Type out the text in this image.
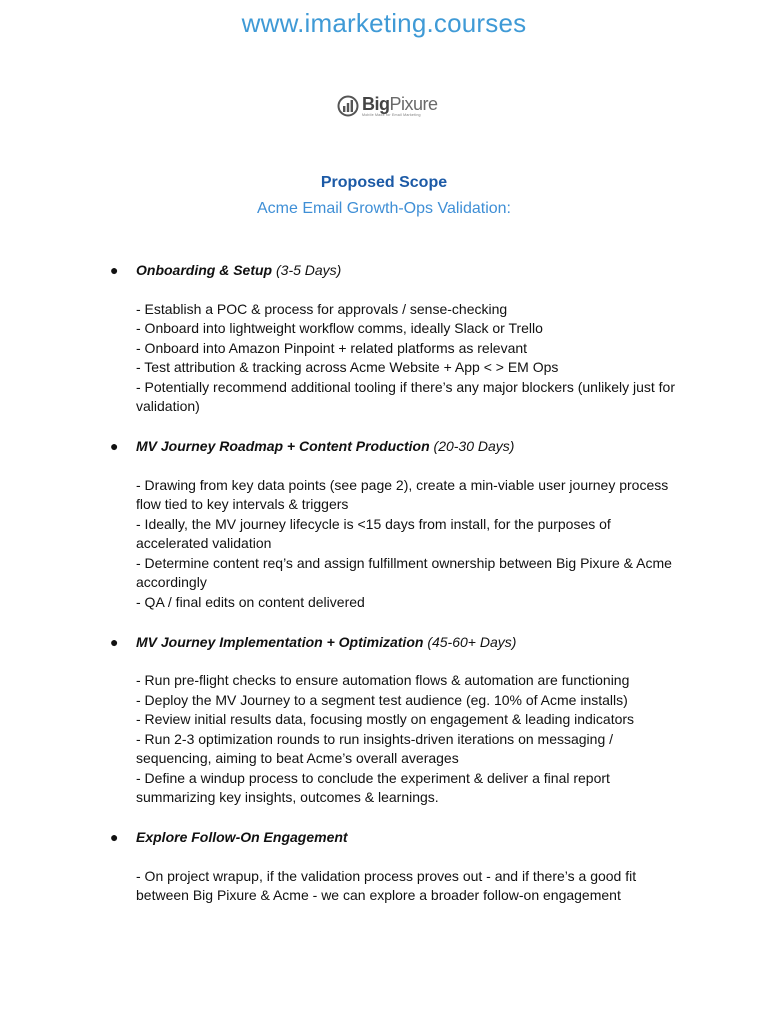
www.imarketing.courses
BigPixure
Mobile Made for Email Marketing
Proposed Scope
Acme Email Growth-Ops Validation:
● Onboarding & Setup (3-5 Days)
- Establish a POC & process for approvals / sense-checking
- Onboard into lightweight workflow comms, ideally Slack or Trello
- Onboard into Amazon Pinpoint + related platforms as relevant
- Test attribution & tracking across Acme Website + App < > EM Ops
- Potentially recommend additional tooling if there’s any major blockers (unlikely just for
validation)
● MV Journey Roadmap + Content Production (20-30 Days)
- Drawing from key data points (see page 2), create a min-viable user journey process
flow tied to key intervals & triggers
- Ideally, the MV journey lifecycle is <15 days from install, for the purposes of
accelerated validation
- Determine content req’s and assign fulfillment ownership between Big Pixure & Acme
accordingly
- QA / final edits on content delivered
● MV Journey Implementation + Optimization (45-60+ Days)
- Run pre-flight checks to ensure automation flows & automation are functioning
- Deploy the MV Journey to a segment test audience (eg. 10% of Acme installs)
- Review initial results data, focusing mostly on engagement & leading indicators
- Run 2-3 optimization rounds to run insights-driven iterations on messaging /
sequencing, aiming to beat Acme’s overall averages
- Define a windup process to conclude the experiment & deliver a final report
summarizing key insights, outcomes & learnings.
● Explore Follow-On Engagement
- On project wrapup, if the validation process proves out - and if there’s a good fit
between Big Pixure & Acme - we can explore a broader follow-on engagement
